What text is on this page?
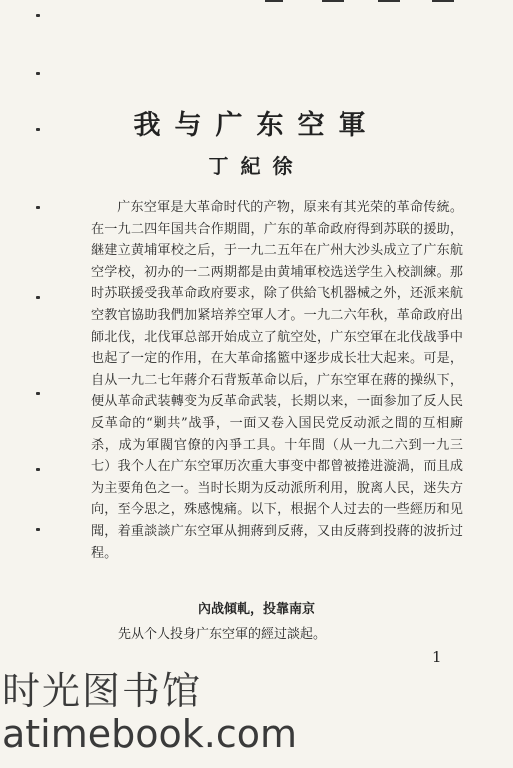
我与广东空軍
丁紀徐

广东空軍是大革命时代的产物，原来有其光荣的革命传統。在一九二四年国共合作期間，广东的革命政府得到苏联的援助，継建立黄埔軍校之后，于一九二五年在广州大沙头成立了广东航空学校，初办的一二两期都是由黄埔軍校选送学生入校訓練。那时苏联援受我革命政府要求，除了供給飞机器械之外，还派来航空教官協助我們加紧培养空軍人才。一九二六年秋，革命政府出師北伐，北伐軍总部开始成立了航空处，广东空軍在北伐战爭中也起了一定的作用，在大革命搖籃中逐步成长壮大起来。可是，自从一九二七年蔣介石背叛革命以后，广东空軍在蔣的操纵下，便从革命武装轉变为反革命武装，长期以来，一面参加了反人民反革命的“剿共”战爭，一面又卷入国民党反动派之間的互相廝杀，成为軍閥官僚的內爭工具。十年間（从一九二六到一九三七）我个人在广东空軍历次重大事变中都曾被捲进漩渦，而且成为主要角色之一。当时长期为反动派所利用，脫离人民，迷失方向，至今思之，殊感愧痛。以下，根据个人过去的一些經历和见聞，着重談談广东空軍从拥蔣到反蔣，又由反蔣到投蔣的波折过程。

內战傾軋，投靠南京
先从个人投身广东空軍的經过談起。
1
时光图书馆
atimebook.com
